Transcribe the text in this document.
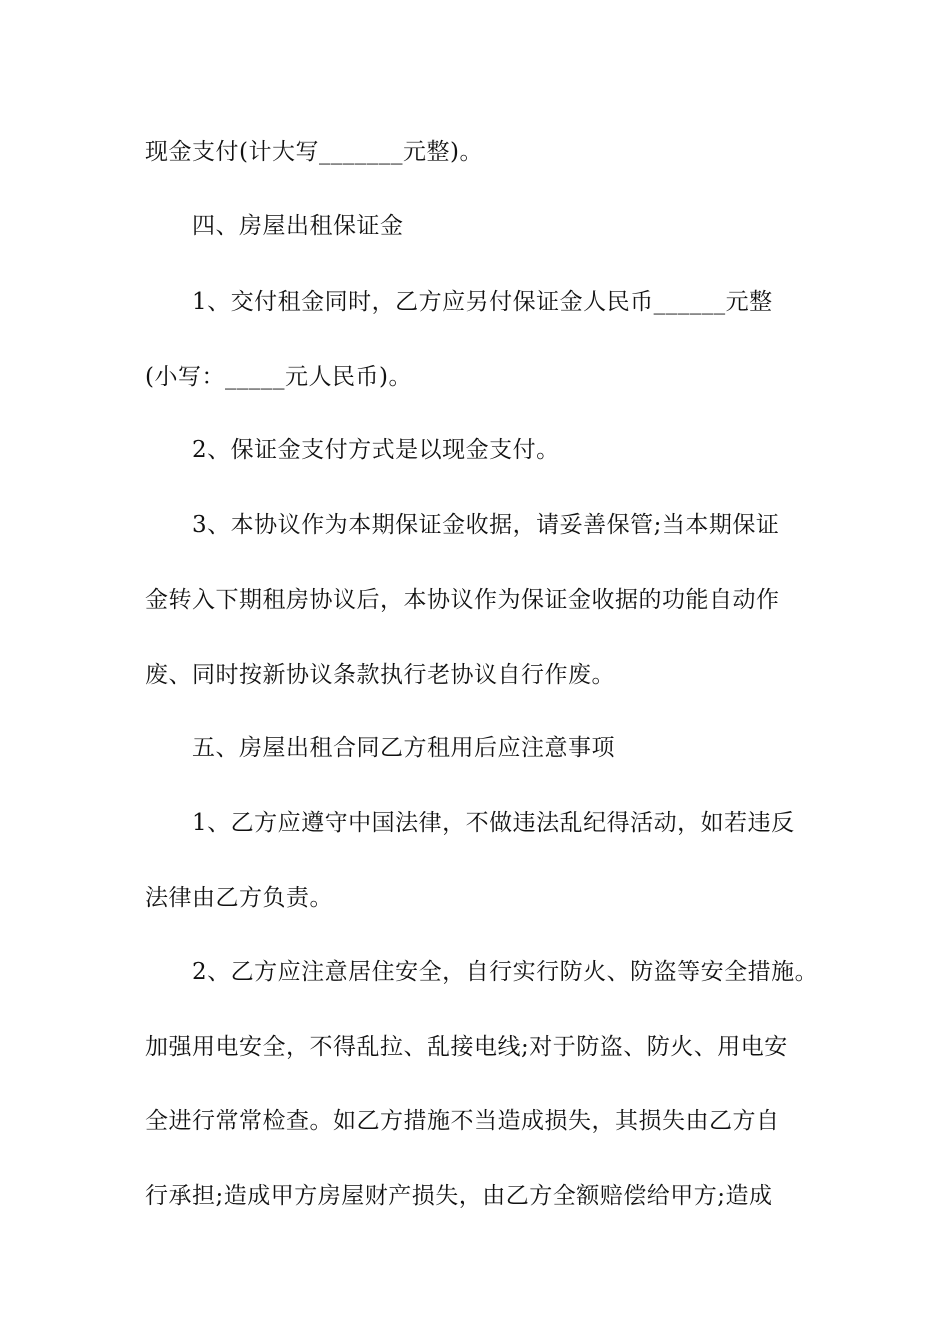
现金支付(计大写_______元整)。
四、房屋出租保证金
1、交付租金同时，乙方应另付保证金人民币______元整
(小写：_____元人民币)。
2、保证金支付方式是以现金支付。
3、本协议作为本期保证金收据，请妥善保管;当本期保证
金转入下期租房协议后，本协议作为保证金收据的功能自动作
废、同时按新协议条款执行老协议自行作废。
五、房屋出租合同乙方租用后应注意事项
1、乙方应遵守中国法律，不做违法乱纪得活动，如若违反
法律由乙方负责。
2、乙方应注意居住安全，自行实行防火、防盗等安全措施。
加强用电安全，不得乱拉、乱接电线;对于防盗、防火、用电安
全进行常常检查。如乙方措施不当造成损失，其损失由乙方自
行承担;造成甲方房屋财产损失，由乙方全额赔偿给甲方;造成
